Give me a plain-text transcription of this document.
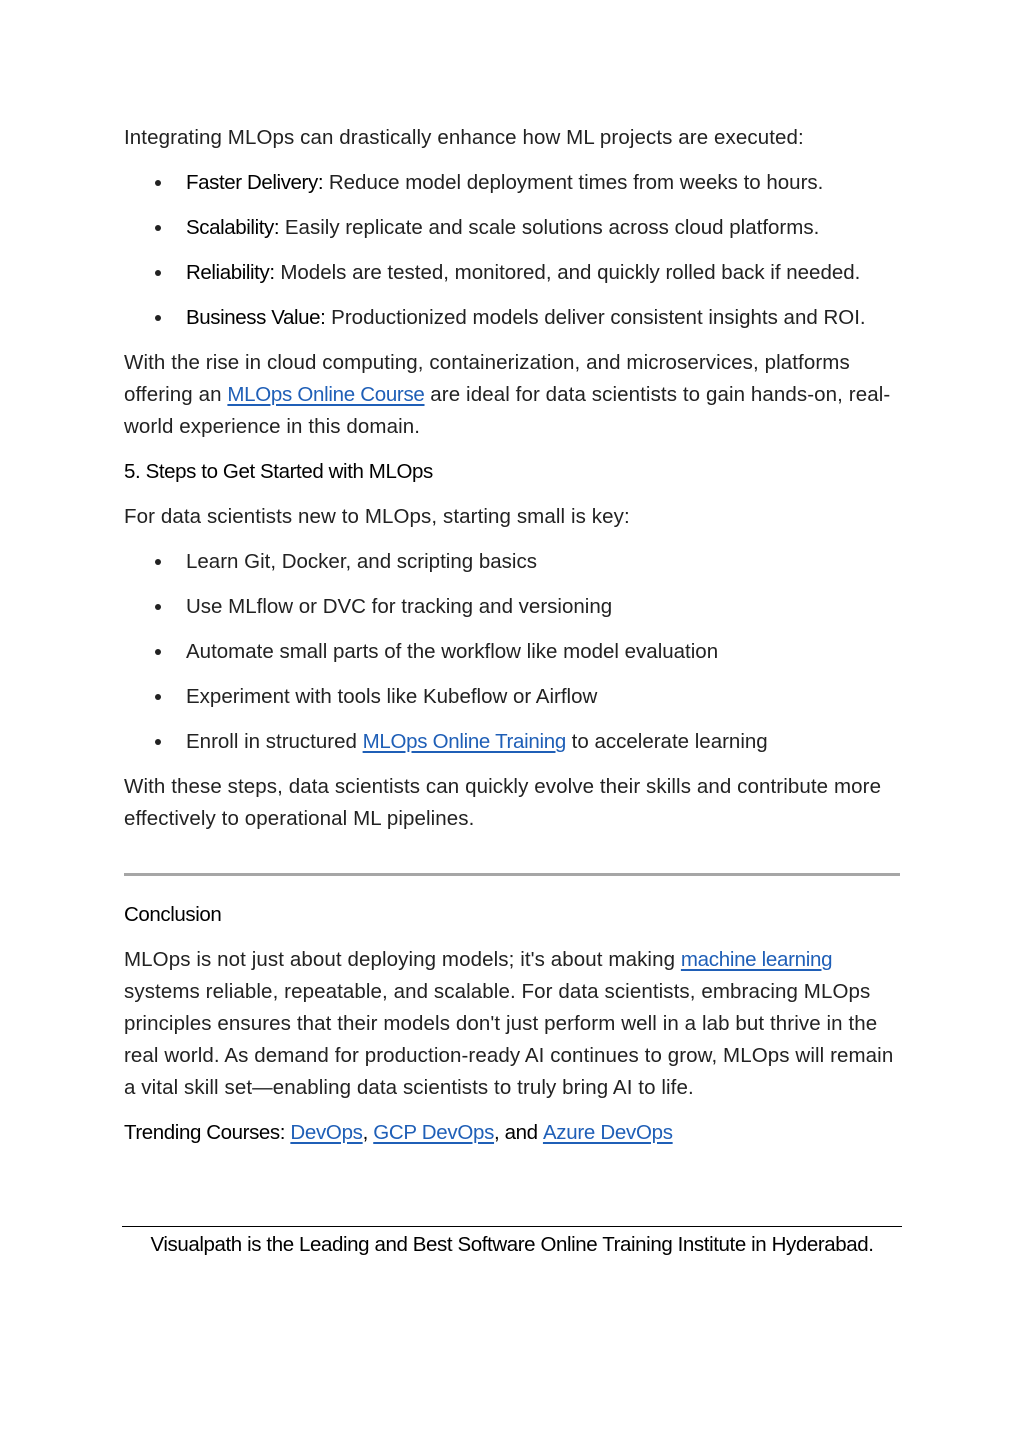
Integrating MLOps can drastically enhance how ML projects are executed:

Faster Delivery: Reduce model deployment times from weeks to hours.
Scalability: Easily replicate and scale solutions across cloud platforms.
Reliability: Models are tested, monitored, and quickly rolled back if needed.
Business Value: Productionized models deliver consistent insights and ROI.

With the rise in cloud computing, containerization, and microservices, platforms offering an MLOps Online Course are ideal for data scientists to gain hands-on, real-world experience in this domain.

5. Steps to Get Started with MLOps

For data scientists new to MLOps, starting small is key:

Learn Git, Docker, and scripting basics
Use MLflow or DVC for tracking and versioning
Automate small parts of the workflow like model evaluation
Experiment with tools like Kubeflow or Airflow
Enroll in structured MLOps Online Training to accelerate learning

With these steps, data scientists can quickly evolve their skills and contribute more effectively to operational ML pipelines.

Conclusion

MLOps is not just about deploying models; it's about making machine learning systems reliable, repeatable, and scalable. For data scientists, embracing MLOps principles ensures that their models don't just perform well in a lab but thrive in the real world. As demand for production-ready AI continues to grow, MLOps will remain a vital skill set—enabling data scientists to truly bring AI to life.

Trending Courses: DevOps, GCP DevOps, and Azure DevOps

Visualpath is the Leading and Best Software Online Training Institute in Hyderabad.
